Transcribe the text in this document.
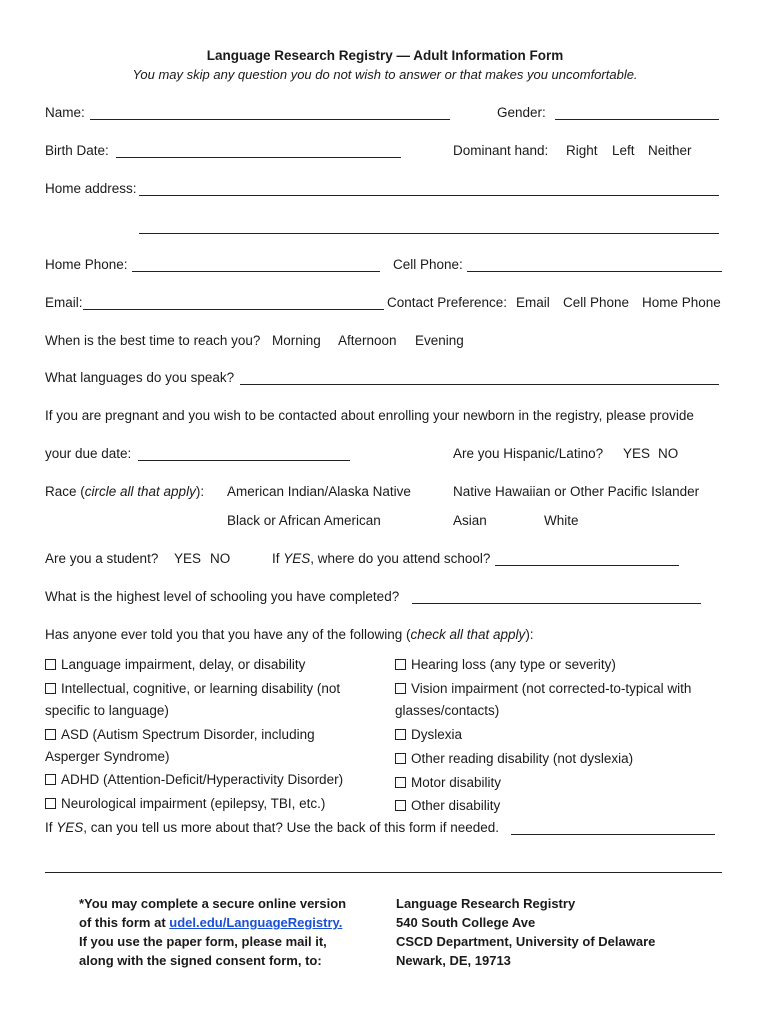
Language Research Registry — Adult Information Form
You may skip any question you do not wish to answer or that makes you uncomfortable.
Name:	Gender:
Birth Date:	Dominant hand: Right Left Neither
Home address:
Home Phone:	Cell Phone:
Email:	Contact Preference: Email Cell Phone Home Phone
When is the best time to reach you? Morning Afternoon Evening
What languages do you speak?
If you are pregnant and you wish to be contacted about enrolling your newborn in the registry, please provide
your due date:	Are you Hispanic/Latino? YES NO
Race (circle all that apply): American Indian/Alaska Native	Native Hawaiian or Other Pacific Islander
Black or African American	Asian	White
Are you a student? YES NO	If YES, where do you attend school?
What is the highest level of schooling you have completed?
Has anyone ever told you that you have any of the following (check all that apply):
Language impairment, delay, or disability
Intellectual, cognitive, or learning disability (not
specific to language)
ASD (Autism Spectrum Disorder, including
Asperger Syndrome)
ADHD (Attention-Deficit/Hyperactivity Disorder)
Neurological impairment (epilepsy, TBI, etc.)
Hearing loss (any type or severity)
Vision impairment (not corrected-to-typical with
glasses/contacts)
Dyslexia
Other reading disability (not dyslexia)
Motor disability
Other disability
If YES, can you tell us more about that? Use the back of this form if needed.
*You may complete a secure online version
of this form at udel.edu/LanguageRegistry.
If you use the paper form, please mail it,
along with the signed consent form, to:
Language Research Registry
540 South College Ave
CSCD Department, University of Delaware
Newark, DE, 19713
